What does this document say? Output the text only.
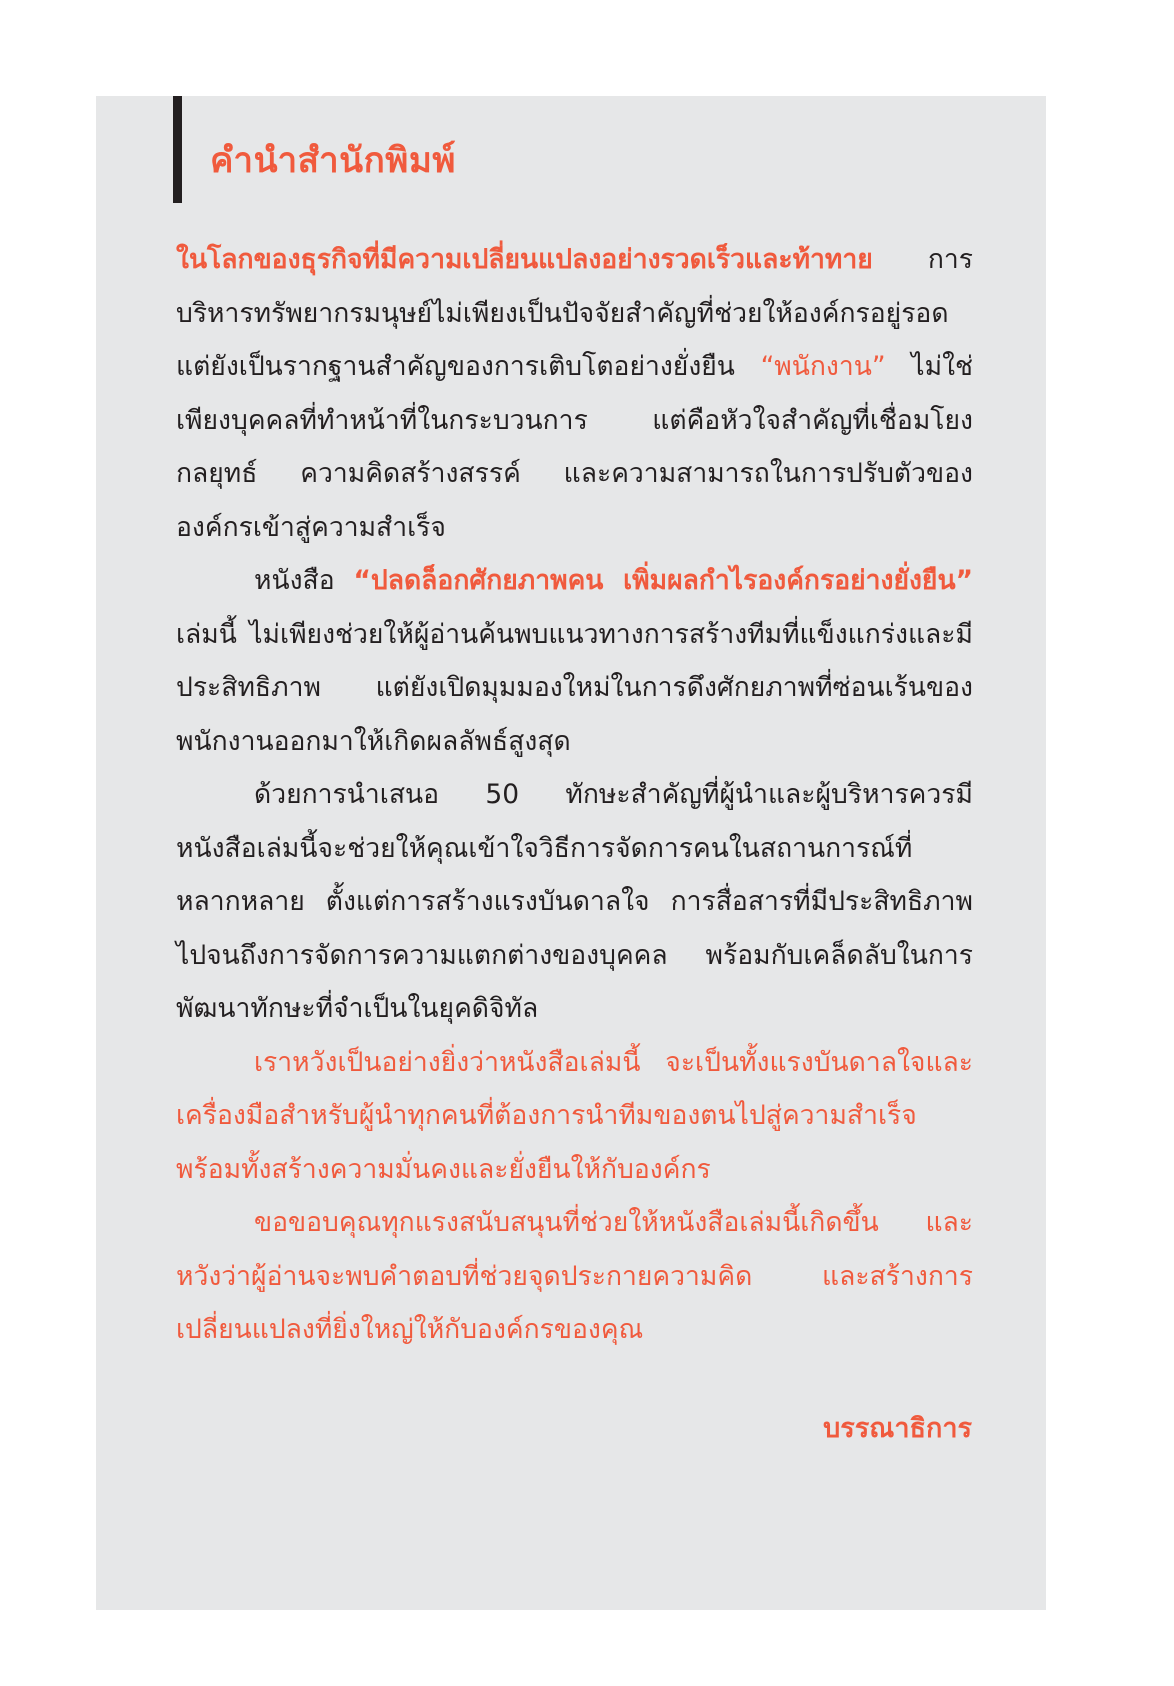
คำนำสำนักพิมพ์

ในโลกของธุรกิจที่มีความเปลี่ยนแปลงอย่างรวดเร็วและท้าทาย การบริหารทรัพยากรมนุษย์ไม่เพียงเป็นปัจจัยสำคัญที่ช่วยให้องค์กรอยู่รอด แต่ยังเป็นรากฐานสำคัญของการเติบโตอย่างยั่งยืน “พนักงาน” ไม่ใช่เพียงบุคคลที่ทำหน้าที่ในกระบวนการ แต่คือหัวใจสำคัญที่เชื่อมโยงกลยุทธ์ ความคิดสร้างสรรค์ และความสามารถในการปรับตัวขององค์กรเข้าสู่ความสำเร็จ

หนังสือ “ปลดล็อกศักยภาพคน เพิ่มผลกำไรองค์กรอย่างยั่งยืน” เล่มนี้ ไม่เพียงช่วยให้ผู้อ่านค้นพบแนวทางการสร้างทีมที่แข็งแกร่งและมีประสิทธิภาพ แต่ยังเปิดมุมมองใหม่ในการดึงศักยภาพที่ซ่อนเร้นของพนักงานออกมาให้เกิดผลลัพธ์สูงสุด

ด้วยการนำเสนอ 50 ทักษะสำคัญที่ผู้นำและผู้บริหารควรมี หนังสือเล่มนี้จะช่วยให้คุณเข้าใจวิธีการจัดการคนในสถานการณ์ที่หลากหลาย ตั้งแต่การสร้างแรงบันดาลใจ การสื่อสารที่มีประสิทธิภาพ ไปจนถึงการจัดการความแตกต่างของบุคคล พร้อมกับเคล็ดลับในการพัฒนาทักษะที่จำเป็นในยุคดิจิทัล

เราหวังเป็นอย่างยิ่งว่าหนังสือเล่มนี้ จะเป็นทั้งแรงบันดาลใจและเครื่องมือสำหรับผู้นำทุกคนที่ต้องการนำทีมของตนไปสู่ความสำเร็จ พร้อมทั้งสร้างความมั่นคงและยั่งยืนให้กับองค์กร

ขอขอบคุณทุกแรงสนับสนุนที่ช่วยให้หนังสือเล่มนี้เกิดขึ้น และหวังว่าผู้อ่านจะพบคำตอบที่ช่วยจุดประกายความคิด และสร้างการเปลี่ยนแปลงที่ยิ่งใหญ่ให้กับองค์กรของคุณ

บรรณาธิการ
